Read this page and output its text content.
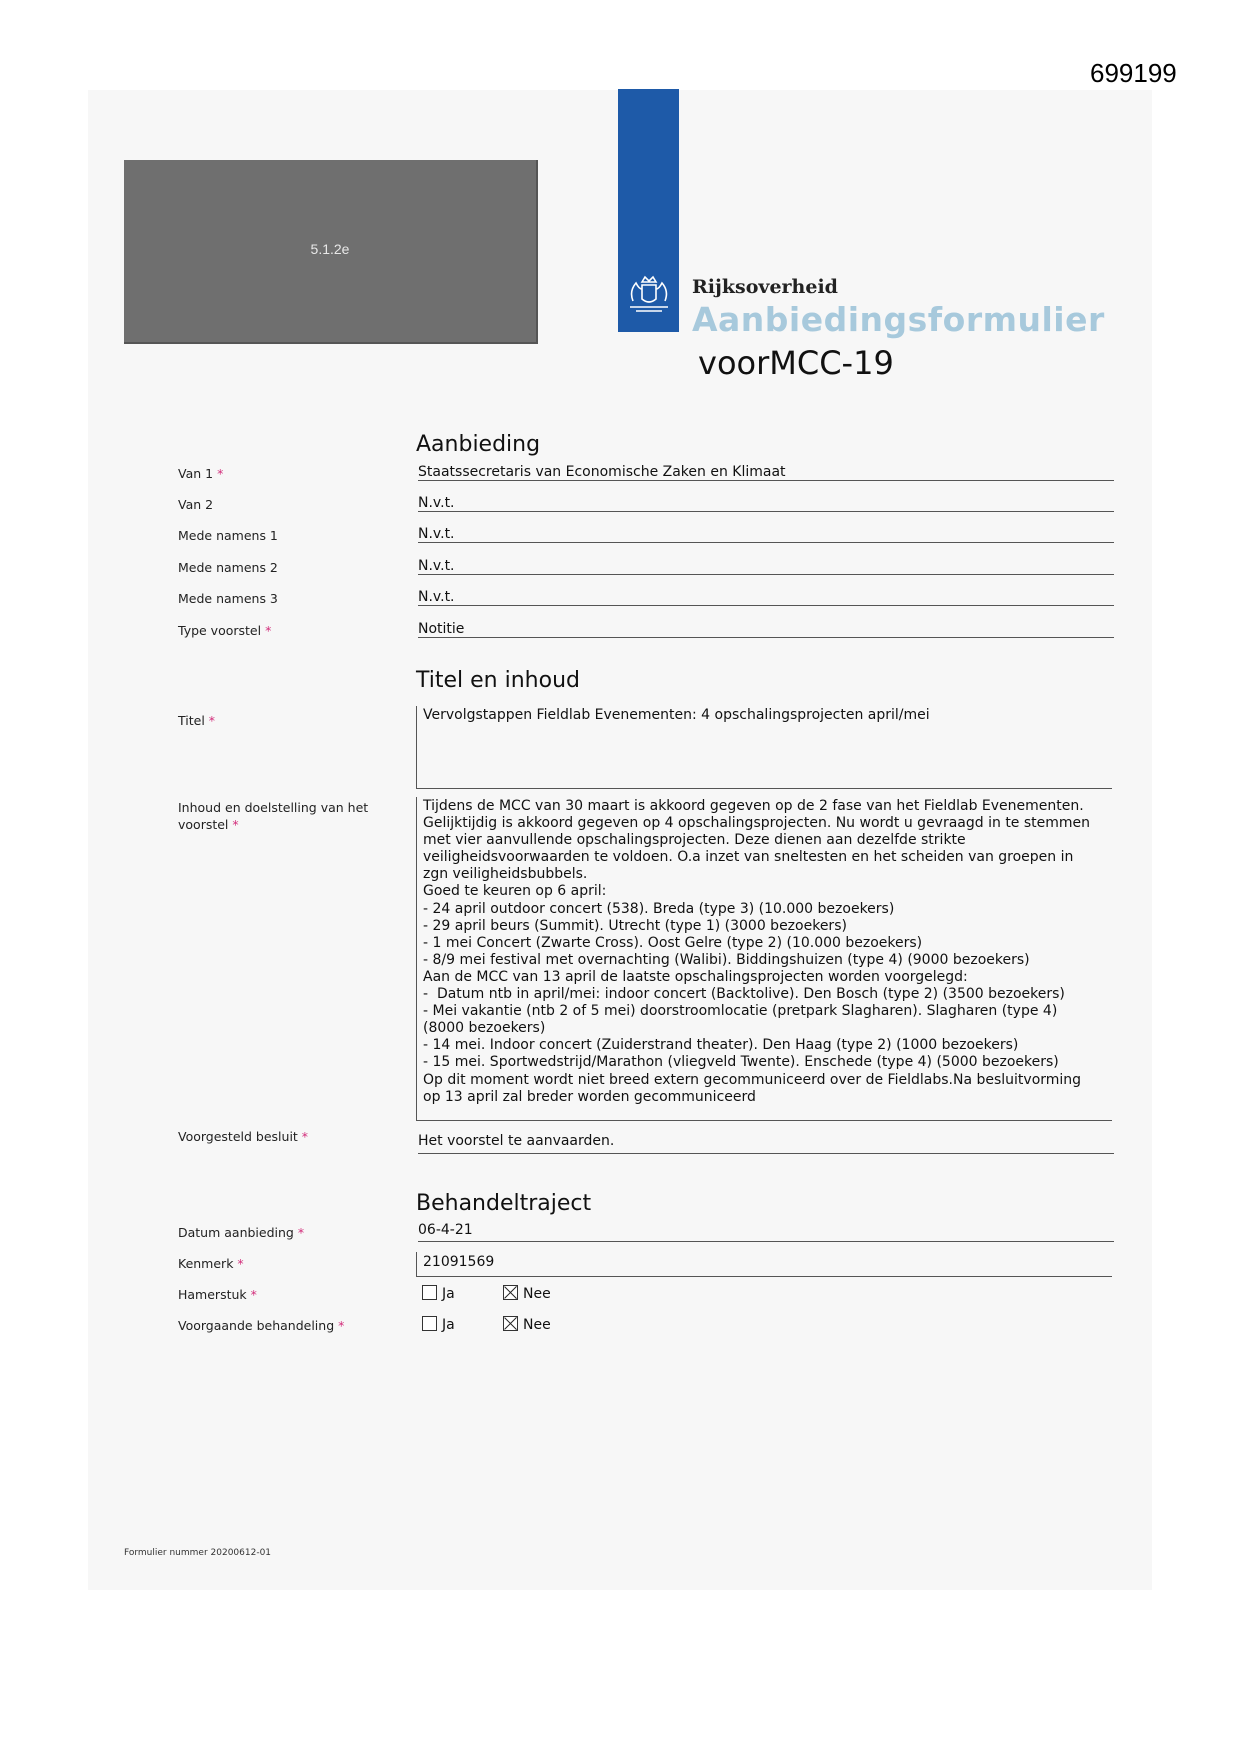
699199
5.1.2e
Rijksoverheid
Aanbiedingsformulier
voorMCC-19
Aanbieding
Van 1 *	Staatssecretaris van Economische Zaken en Klimaat
Van 2	N.v.t.
Mede namens 1	N.v.t.
Mede namens 2	N.v.t.
Mede namens 3	N.v.t.
Type voorstel *	Notitie
Titel en inhoud
Titel *	Vervolgstappen Fieldlab Evenementen: 4 opschalingsprojecten april/mei
Inhoud en doelstelling van het
voorstel *
Tijdens de MCC van 30 maart is akkoord gegeven op de 2 fase van het Fieldlab Evenementen.
Gelijktijdig is akkoord gegeven op 4 opschalingsprojecten. Nu wordt u gevraagd in te stemmen
met vier aanvullende opschalingsprojecten. Deze dienen aan dezelfde strikte
veiligheidsvoorwaarden te voldoen. O.a inzet van sneltesten en het scheiden van groepen in
zgn veiligheidsbubbels.
Goed te keuren op 6 april:
- 24 april outdoor concert (538). Breda (type 3) (10.000 bezoekers)
- 29 april beurs (Summit). Utrecht (type 1) (3000 bezoekers)
- 1 mei Concert (Zwarte Cross). Oost Gelre (type 2) (10.000 bezoekers)
- 8/9 mei festival met overnachting (Walibi). Biddingshuizen (type 4) (9000 bezoekers)
Aan de MCC van 13 april de laatste opschalingsprojecten worden voorgelegd:
-  Datum ntb in april/mei: indoor concert (Backtolive). Den Bosch (type 2) (3500 bezoekers)
- Mei vakantie (ntb 2 of 5 mei) doorstroomlocatie (pretpark Slagharen). Slagharen (type 4)
(8000 bezoekers)
- 14 mei. Indoor concert (Zuiderstrand theater). Den Haag (type 2) (1000 bezoekers)
- 15 mei. Sportwedstrijd/Marathon (vliegveld Twente). Enschede (type 4) (5000 bezoekers)
Op dit moment wordt niet breed extern gecommuniceerd over de Fieldlabs.Na besluitvorming
op 13 april zal breder worden gecommuniceerd
Voorgesteld besluit *	Het voorstel te aanvaarden.
Behandeltraject
Datum aanbieding *	06-4-21
Kenmerk *	21091569
Hamerstuk *	Ja	Nee
Voorgaande behandeling *	Ja	Nee
Formulier nummer 20200612-01
